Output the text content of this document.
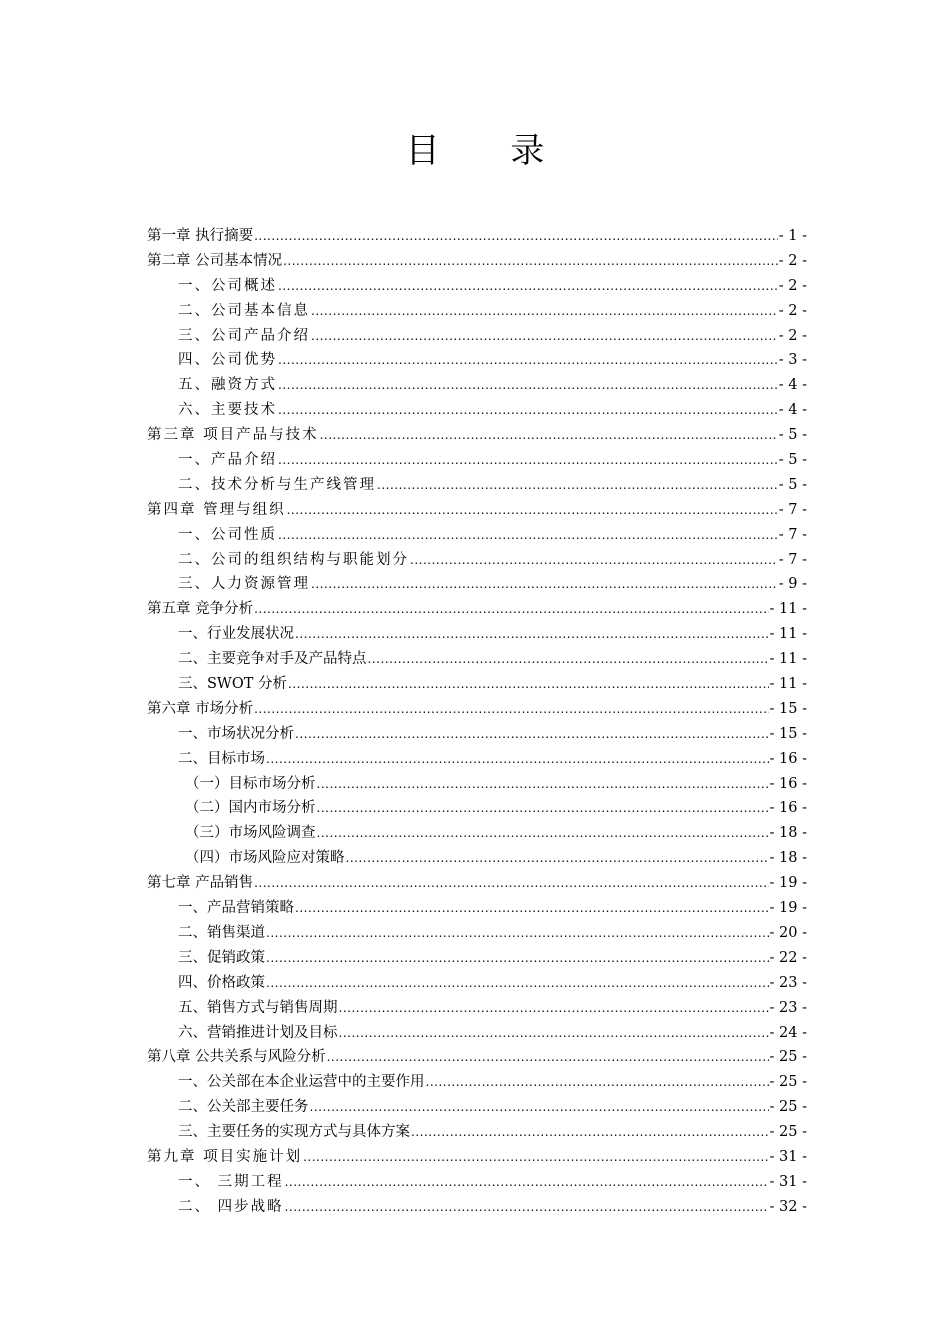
目 录
第一章 执行摘要 .....	- 1 -
第二章 公司基本情况 .....	- 2 -
一、公司概述 .....	- 2 -
二、公司基本信息 .....	- 2 -
三、公司产品介绍 .....	- 2 -
四、公司优势 .....	- 3 -
五、融资方式 .....	- 4 -
六、主要技术 .....	- 4 -
第三章 项目产品与技术 .....	- 5 -
一、产品介绍 .....	- 5 -
二、技术分析与生产线管理 .....	- 5 -
第四章 管理与组织 .....	- 7 -
一、公司性质 .....	- 7 -
二、公司的组织结构与职能划分 .....	- 7 -
三、人力资源管理 .....	- 9 -
第五章 竞争分析 .....	- 11 -
一、行业发展状况 .....	- 11 -
二、主要竞争对手及产品特点 .....	- 11 -
三、SWOT 分析 .....	- 11 -
第六章 市场分析 .....	- 15 -
一、市场状况分析 .....	- 15 -
二、目标市场 .....	- 16 -
（一）目标市场分析 .....	- 16 -
（二）国内市场分析 .....	- 16 -
（三）市场风险调查 .....	- 18 -
（四）市场风险应对策略 .....	- 18 -
第七章 产品销售 .....	- 19 -
一、产品营销策略 .....	- 19 -
二、销售渠道 .....	- 20 -
三、促销政策 .....	- 22 -
四、价格政策 .....	- 23 -
五、销售方式与销售周期 .....	- 23 -
六、营销推进计划及目标 .....	- 24 -
第八章 公共关系与风险分析 .....	- 25 -
一、公关部在本企业运营中的主要作用 .....	- 25 -
二、公关部主要任务 .....	- 25 -
三、主要任务的实现方式与具体方案 .....	- 25 -
第九章 项目实施计划 .....	- 31 -
一、 三期工程 .....	- 31 -
二、 四步战略 .....	- 32 -
